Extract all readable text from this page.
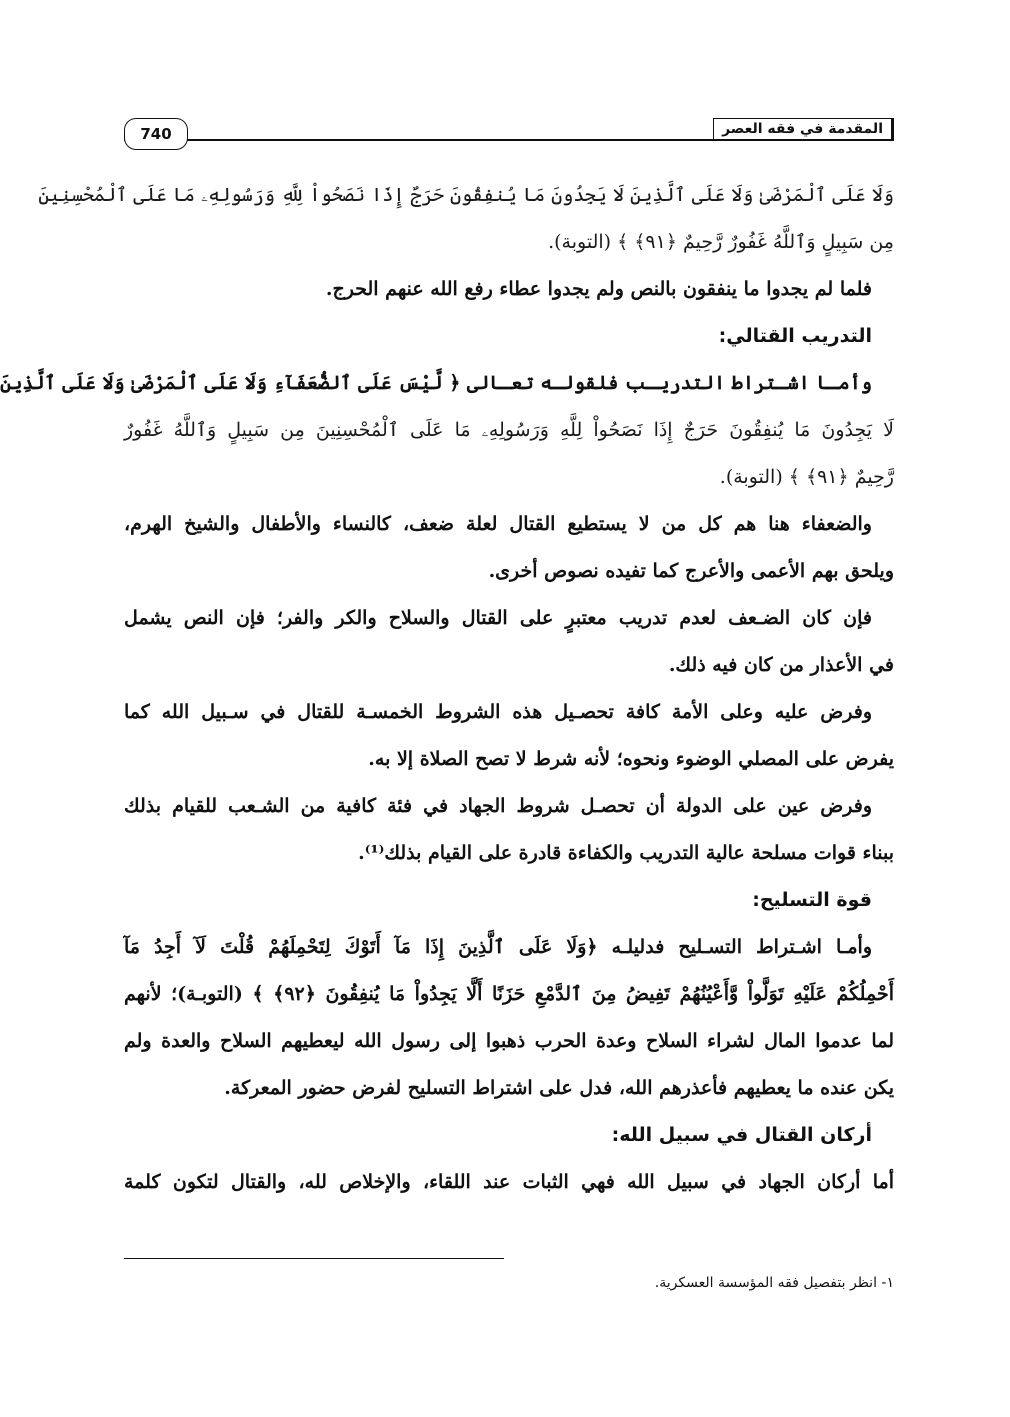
المقدمة في فقه العصر
740
وَلَا عَلَى ٱلْمَرْضَىٰ وَلَا عَلَى ٱلَّذِينَ لَا يَجِدُونَ مَا يُنفِقُونَ حَرَجٌ إِذَا نَصَحُواْ لِلَّهِ وَرَسُولِهِۦ مَا عَلَى ٱلْمُحْسِنِينَ
مِن سَبِيلٍ وَٱللَّهُ غَفُورٌ رَّحِيمٌ ﴿٩١﴾ ﴾ (التوبة).
فلما لم يجدوا ما ينفقون بالنص ولم يجدوا عطاء رفع الله عنهم الحرج.
التدريب القتالي:
وأمـا اشـتراط التدريـب فلقولـه تعـالى ﴿ لَّيْسَ عَلَى ٱلضُّعَفَآءِ وَلَا عَلَى ٱلْمَرْضَىٰ وَلَا عَلَى ٱلَّذِينَ
لَا يَجِدُونَ مَا يُنفِقُونَ حَرَجٌ إِذَا نَصَحُواْ لِلَّهِ وَرَسُولِهِۦ مَا عَلَى ٱلْمُحْسِنِينَ مِن سَبِيلٍ وَٱللَّهُ غَفُورٌ
رَّحِيمٌ ﴿٩١﴾ ﴾ (التوبة).
والضعفاء هنا هم كل من لا يستطيع القتال لعلة ضعف، كالنساء والأطفال والشيخ الهرم،
ويلحق بهم الأعمى والأعرج كما تفيده نصوص أخرى.
فإن كان الضـعف لعدم تدريب معتبرٍ على القتال والسلاح والكر والفر؛ فإن النص يشمل
في الأعذار من كان فيه ذلك.
وفرض عليه وعلى الأمة كافة تحصـيل هذه الشروط الخمسـة للقتال في سـبيل الله كما
يفرض على المصلي الوضوء ونحوه؛ لأنه شرط لا تصح الصلاة إلا به.
وفرض عين على الدولة أن تحصـل شروط الجهاد في فئة كافية من الشـعب للقيام بذلك
ببناء قوات مسلحة عالية التدريب والكفاءة قادرة على القيام بذلك⁽¹⁾.
قوة التسليح:
وأمـا اشـتراط التسـليح فدليلـه ﴿وَلَا عَلَى ٱلَّذِينَ إِذَا مَآ أَتَوْكَ لِتَحْمِلَهُمْ قُلْتَ لَآ أَجِدُ مَآ
أَحْمِلُكُمْ عَلَيْهِ تَوَلَّواْ وَّأَعْيُنُهُمْ تَفِيضُ مِنَ ٱلدَّمْعِ حَزَنًا أَلَّا يَجِدُواْ مَا يُنفِقُونَ ﴿٩٢﴾ ﴾ (التوبـة)؛ لأنهم
لما عدموا المال لشراء السلاح وعدة الحرب ذهبوا إلى رسول الله ليعطيهم السلاح والعدة ولم
يكن عنده ما يعطيهم فأعذرهم الله، فدل على اشتراط التسليح لفرض حضور المعركة.
أركان القتال في سبيل الله:
أما أركان الجهاد في سبيل الله فهي الثبات عند اللقاء، والإخلاص لله، والقتال لتكون كلمة
١- انظر بتفصيل فقه المؤسسة العسكرية.
